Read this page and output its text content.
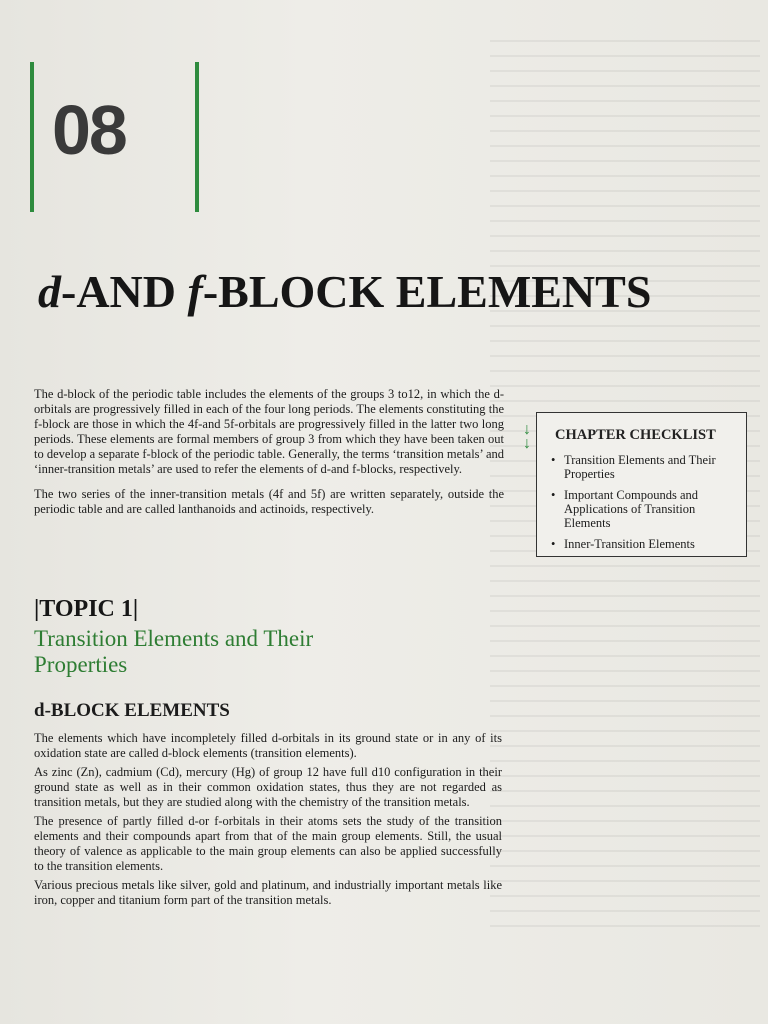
08
d-AND f-BLOCK ELEMENTS

The d-block of the periodic table includes the elements of the groups 3 to12, in which the d-orbitals are progressively filled in each of the four long periods. The elements constituting the f-block are those in which the 4f-and 5f-orbitals are progressively filled in the latter two long periods. These elements are formal members of group 3 from which they have been taken out to develop a separate f-block of the periodic table. Generally, the terms ‘transition metals’ and ‘inner-transition metals’ are used to refer the elements of d-and f-blocks, respectively.

The two series of the inner-transition metals (4f and 5f) are written separately, outside the periodic table and are called lanthanoids and actinoids, respectively.

↓
↓ CHAPTER CHECKLIST
• Transition Elements and Their Properties
• Important Compounds and Applications of Transition Elements
• Inner-Transition Elements
|TOPIC 1|
Transition Elements and Their Properties
d-BLOCK ELEMENTS

The elements which have incompletely filled d-orbitals in its ground state or in any of its oxidation state are called d-block elements (transition elements).

As zinc (Zn), cadmium (Cd), mercury (Hg) of group 12 have full d10 configuration in their ground state as well as in their common oxidation states, thus they are not regarded as transition metals, but they are studied along with the chemistry of the transition metals.

The presence of partly filled d-or f-orbitals in their atoms sets the study of the transition elements and their compounds apart from that of the main group elements. Still, the usual theory of valence as applicable to the main group elements can also be applied successfully to the transition elements.

Various precious metals like silver, gold and platinum, and industrially important metals like iron, copper and titanium form part of the transition metals.
